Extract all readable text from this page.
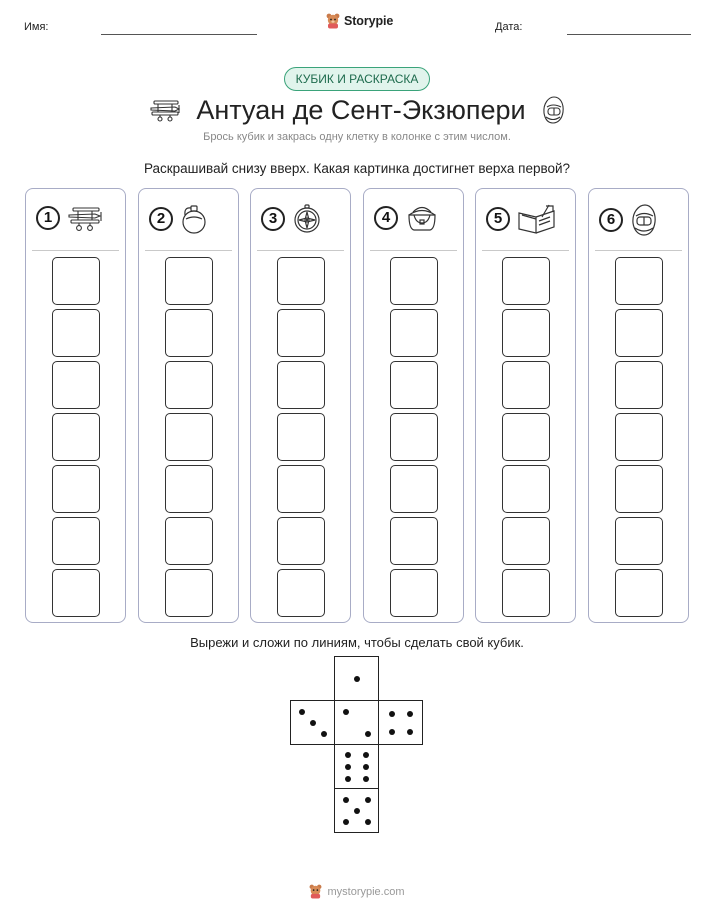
Имя:	Storypie	Дата:
КУБИК И РАСКРАСКА
Антуан де Сент-Экзюпери
Брось кубик и закрась одну клетку в колонке с этим числом.
Раскрашивай снизу вверх. Какая картинка достигнет верха первой?
1	2	3	4	5	6
Вырежи и сложи по линиям, чтобы сделать свой кубик.
mystorypie.com
